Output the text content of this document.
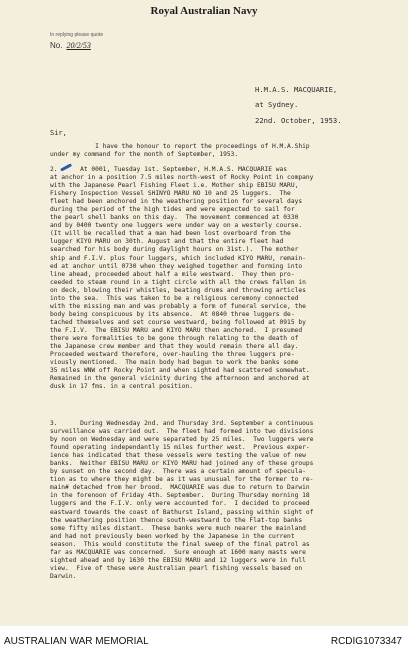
Royal Australian Navy
In replying please quote
No. 20/2/53
H.M.A.S. MACQUARIE,
at Sydney.
22nd. October, 1953.
Sir,
I have the honour to report the proceedings of H.M.A.Ship
under my command for the month of September, 1953.
2.      At 0001, Tuesday 1st. September, H.M.A.S. MACQUARIE was
at anchor in a position 7.5 miles north-west of Rocky Point in company
with the Japanese Pearl Fishing Fleet i.e. Mother ship EBISU MARU,
Fishery Inspection Vessel SHINYO MARU NO 10 and 25 luggers.  The
fleet had been anchored in the weathering position for several days
during the period of the high tides and were expected to sail for
the pearl shell banks on this day.  The movement commenced at 0330
and by 0400 twenty one luggers were under way on a westerly course.
(It will be recalled that a man had been lost overboard from the
lugger KIYO MARU on 30th. August and that the entire fleet had
searched for his body during daylight hours on 31st.).  The mother
ship and F.I.V. plus four luggers, which included KIYO MARU, remain-
ed at anchor until 0730 when they weighed together and forming into
line ahead, proceeded about half a mile westward.  They then pro-
ceeded to steam round in a tight circle with all the crews fallen in
on deck, blowing their whistles, beating drums and throwing articles
into the sea.  This was taken to be a religious ceremony connected
with the missing man and was probably a form of funeral service, the
body being conspicuous by its absence.  At 0840 three luggers de-
tached themselves and set course westward, being followed at 0915 by
the F.I.V.  The EBISU MARU and KIYO MARU then anchored.  I presumed
there were formalities to be gone through relating to the death of
the Japanese crew member and that they would remain there all day.
Proceeded westward therefore, over-hauling the three luggers pre-
viously mentioned.  The main body had begun to work the banks some
35 miles WNW off Rocky Point and when sighted had scattered somewhat.
Remained in the general vicinity during the afternoon and anchored at
dusk in 17 fms. in a central position.
3.      During Wednesday 2nd. and Thursday 3rd. September a continuous
surveillance was carried out.  The fleet had formed into two divisions
by noon on Wednesday and were separated by 25 miles.  Two luggers were
found operating independantly 15 miles further west.  Previous exper-
ience has indicated that these vessels were testing the value of new
banks.  Neither EBISU MARU or KIYO MARU had joined any of these groups
by sunset on the second day.  There was a certain amount of specula-
tion as to where they might be as it was unusual for the former to re-
main# detached from her brood.  MACQUARIE was due to return to Darwin
in the forenoon of Friday 4th. September.  During Thursday morning 18
luggers and the F.I.V. only were accounted for.  I decided to proceed
eastward towards the coast of Bathurst Island, passing within sight of
the weathering position thence south-westward to the Flat-top banks
some fifty miles distant.  These banks were much nearer the mainland
and had not previously been worked by the Japanese in the current
season.  This would constitute the final sweep of the final patrol as
far as MACQUARIE was concerned.  Sure enough at 1600 many masts were
sighted ahead and by 1630 the EBISU MARU and 12 luggers were in full
view.  Five of these were Australian pearl fishing vessels based on
Darwin.
AUSTRALIAN WAR MEMORIAL	RCDIG1073347
